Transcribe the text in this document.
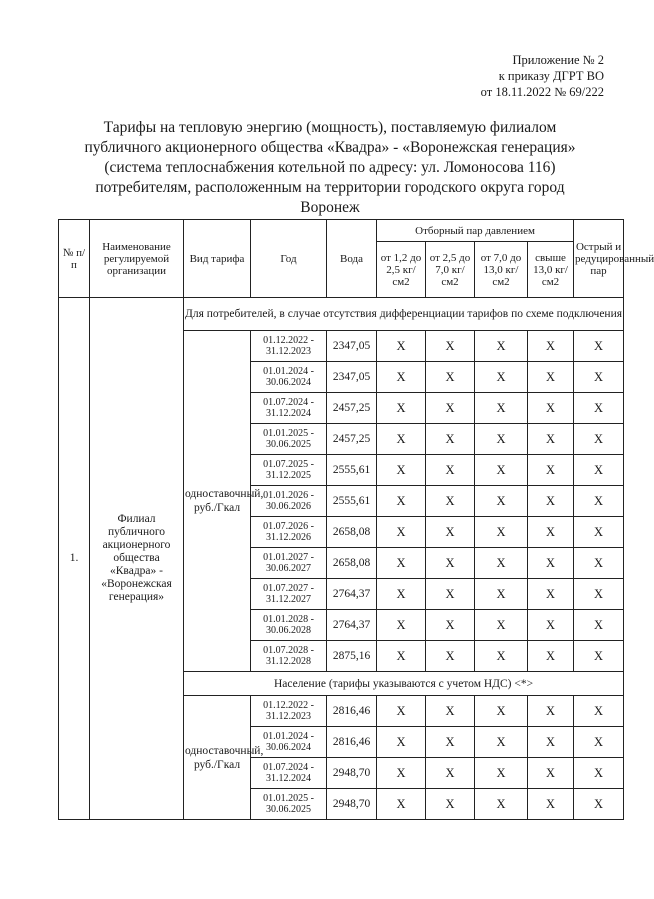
Приложение № 2
к приказу ДГРТ ВО
от 18.11.2022 № 69/222
Тарифы на тепловую энергию (мощность), поставляемую филиалом
публичного акционерного общества «Квадра» - «Воронежская генерация»
(система теплоснабжения котельной по адресу: ул. Ломоносова 116)
потребителям, расположенным на территории городского округа город
Воронеж
№ п/п	Наименование регулируемой организации	Вид тарифа	Год	Вода	Отборный пар давлением				Острый и редуцированный пар
					от 1,2 до 2,5 кг/см2	от 2,5 до 7,0 кг/см2	от 7,0 до 13,0 кг/см2	свыше 13,0 кг/см2	
1.	Филиал публичного акционерного общества «Квадра» - «Воронежская генерация»	Для потребителей, в случае отсутствия дифференциации тарифов по схеме подключения							
		одноставочный, руб./Гкал	01.12.2022 - 31.12.2023	2347,05	X	X	X	X	X
			01.01.2024 - 30.06.2024	2347,05	X	X	X	X	X
			01.07.2024 - 31.12.2024	2457,25	X	X	X	X	X
			01.01.2025 - 30.06.2025	2457,25	X	X	X	X	X
			01.07.2025 - 31.12.2025	2555,61	X	X	X	X	X
			01.01.2026 - 30.06.2026	2555,61	X	X	X	X	X
			01.07.2026 - 31.12.2026	2658,08	X	X	X	X	X
			01.01.2027 - 30.06.2027	2658,08	X	X	X	X	X
			01.07.2027 - 31.12.2027	2764,37	X	X	X	X	X
			01.01.2028 - 30.06.2028	2764,37	X	X	X	X	X
			01.07.2028 - 31.12.2028	2875,16	X	X	X	X	X
		Население (тарифы указываются с учетом НДС) <*>							
		одноставочный, руб./Гкал	01.12.2022 - 31.12.2023	2816,46	X	X	X	X	X
			01.01.2024 - 30.06.2024	2816,46	X	X	X	X	X
			01.07.2024 - 31.12.2024	2948,70	X	X	X	X	X
			01.01.2025 - 30.06.2025	2948,70	X	X	X	X	X
